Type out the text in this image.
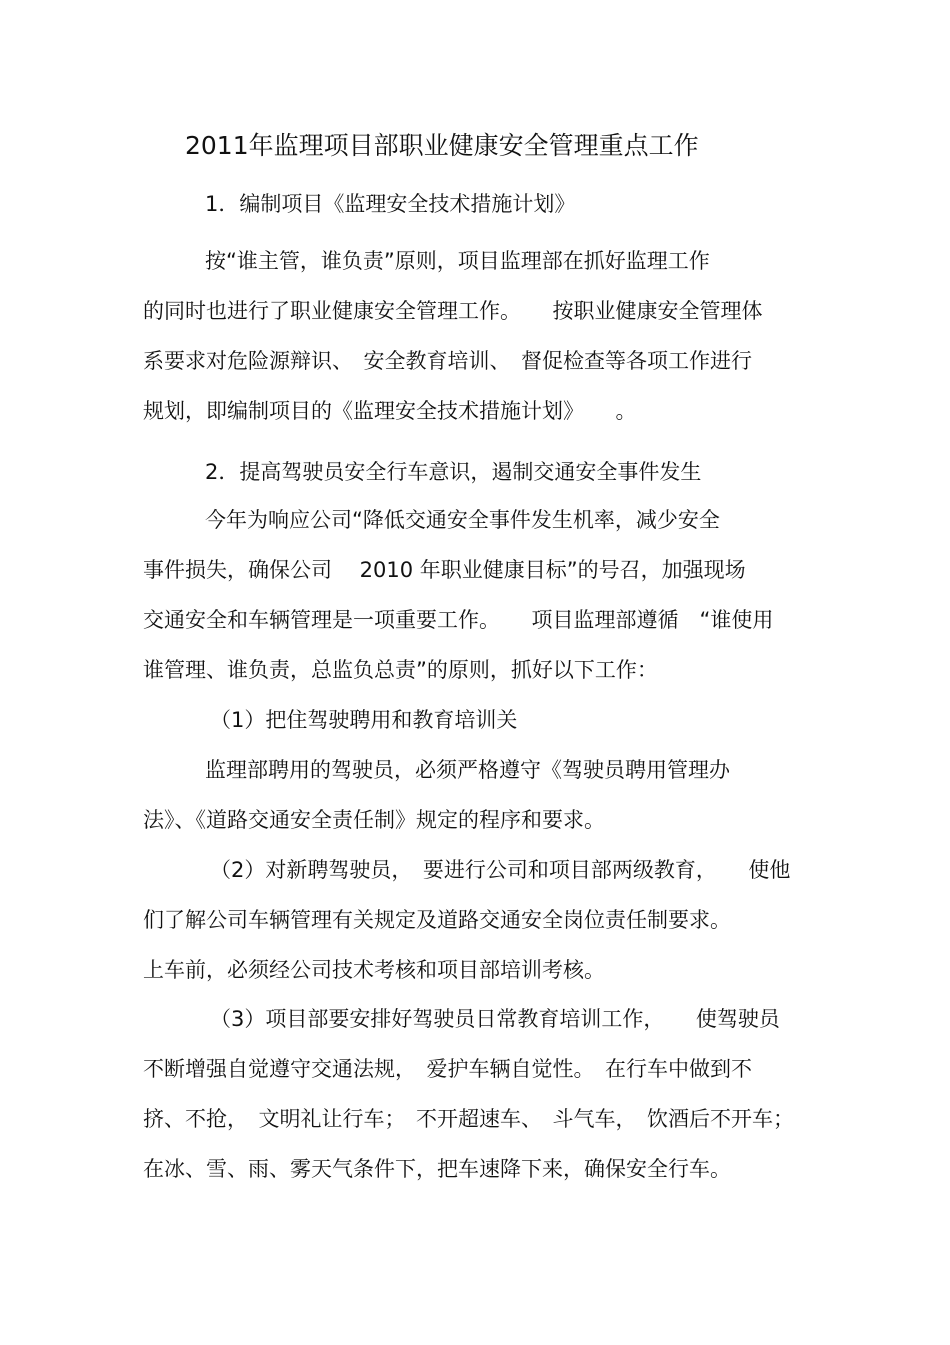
2011年监理项目部职业健康安全管理重点工作
1．编制项目《监理安全技术措施计划》
按“谁主管，谁负责”原则，项目监理部在抓好监理工作
的同时也进行了职业健康安全管理工作。　　按职业健康安全管理体
系要求对危险源辩识、　安全教育培训、　督促检查等各项工作进行
规划，即编制项目的《监理安全技术措施计划》　　。
2．提高驾驶员安全行车意识，遏制交通安全事件发生
今年为响应公司“降低交通安全事件发生机率，减少安全
事件损失，确保公司　 2010 年职业健康目标”的号召，加强现场
交通安全和车辆管理是一项重要工作。　　项目监理部遵循　“谁使用
谁管理、谁负责，总监负总责”的原则，抓好以下工作：
（1）把住驾驶聘用和教育培训关
监理部聘用的驾驶员，必须严格遵守《驾驶员聘用管理办
法》、《道路交通安全责任制》规定的程序和要求。
（2）对新聘驾驶员，　要进行公司和项目部两级教育，　　使他
们了解公司车辆管理有关规定及道路交通安全岗位责任制要求。
上车前，必须经公司技术考核和项目部培训考核。
（3）项目部要安排好驾驶员日常教育培训工作，　　使驾驶员
不断增强自觉遵守交通法规，　爱护车辆自觉性。　在行车中做到不
挤、不抢，　文明礼让行车；　不开超速车、　斗气车，　饮酒后不开车；
在冰、雪、雨、雾天气条件下，把车速降下来，确保安全行车。
